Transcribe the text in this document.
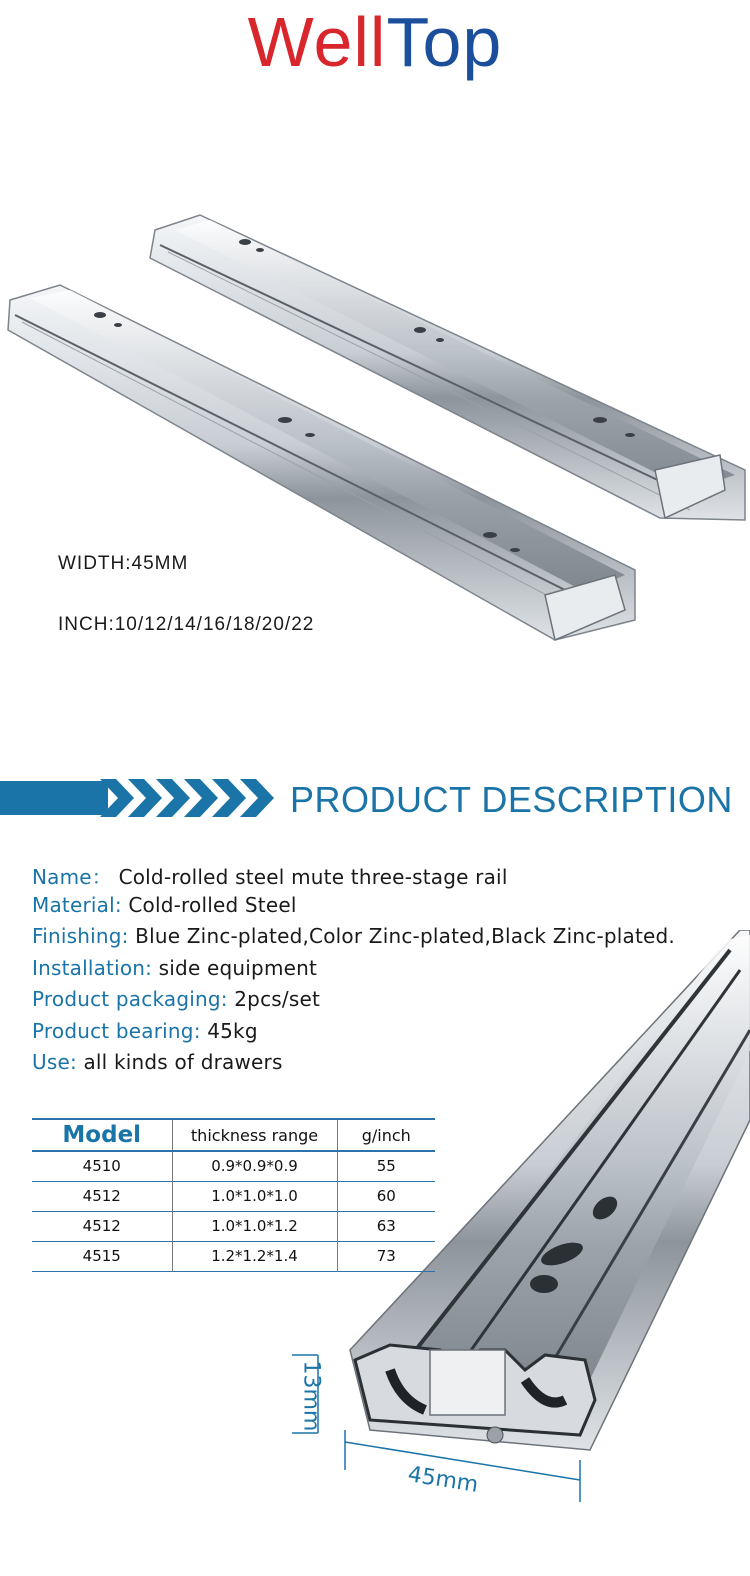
WellTop
WIDTH:45MM
INCH:10/12/14/16/18/20/22
PRODUCT DESCRIPTION
Name： Cold-rolled steel mute three-stage rail
Material: Cold-rolled Steel
Finishing: Blue Zinc-plated,Color Zinc-plated,Black Zinc-plated.
Installation: side equipment
Product packaging: 2pcs/set
Product bearing: 45kg
Use: all kinds of drawers
13mm
45mm
Model	thickness range	g/inch
4510	0.9*0.9*0.9	55
4512	1.0*1.0*1.0	60
4512	1.0*1.0*1.2	63
4515	1.2*1.2*1.4	73
